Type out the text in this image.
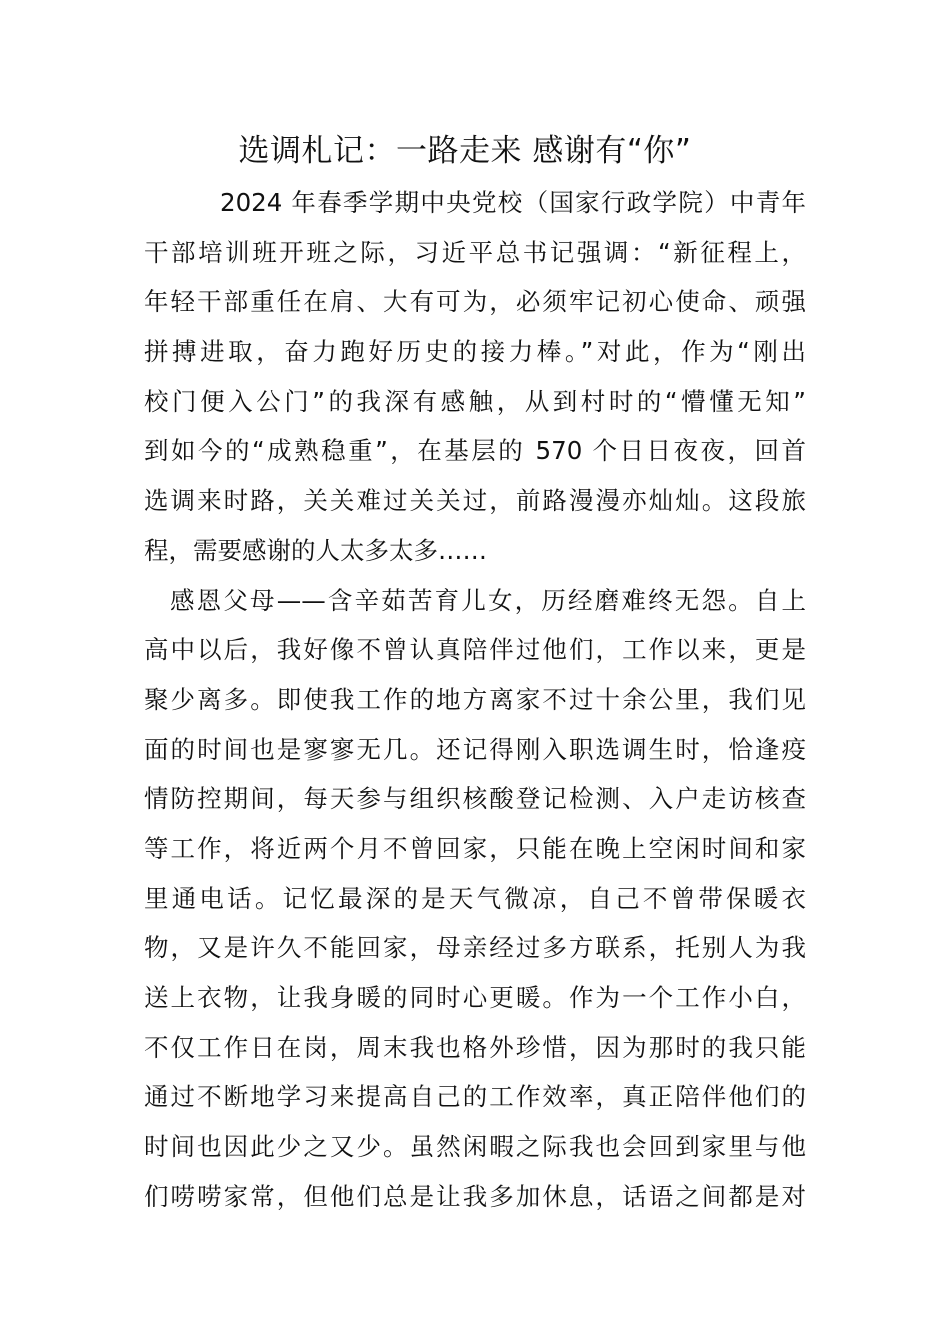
选调札记：一路走来 感谢有“你”
2024 年春季学期中央党校（国家行政学院）中青年
干部培训班开班之际，习近平总书记强调：“新征程上，
年轻干部重任在肩、大有可为，必须牢记初心使命、顽强
拼搏进取，奋力跑好历史的接力棒。”对此，作为“刚出
校门便入公门”的我深有感触，从到村时的“懵懂无知”
到如今的“成熟稳重”，在基层的 570 个日日夜夜，回首
选调来时路，关关难过关关过，前路漫漫亦灿灿。这段旅
程，需要感谢的人太多太多……
感恩父母——含辛茹苦育儿女，历经磨难终无怨。自上
高中以后，我好像不曾认真陪伴过他们，工作以来，更是
聚少离多。即使我工作的地方离家不过十余公里，我们见
面的时间也是寥寥无几。还记得刚入职选调生时，恰逢疫
情防控期间，每天参与组织核酸登记检测、入户走访核查
等工作，将近两个月不曾回家，只能在晚上空闲时间和家
里通电话。记忆最深的是天气微凉，自己不曾带保暖衣
物，又是许久不能回家，母亲经过多方联系，托别人为我
送上衣物，让我身暖的同时心更暖。作为一个工作小白，
不仅工作日在岗，周末我也格外珍惜，因为那时的我只能
通过不断地学习来提高自己的工作效率，真正陪伴他们的
时间也因此少之又少。虽然闲暇之际我也会回到家里与他
们唠唠家常，但他们总是让我多加休息，话语之间都是对
